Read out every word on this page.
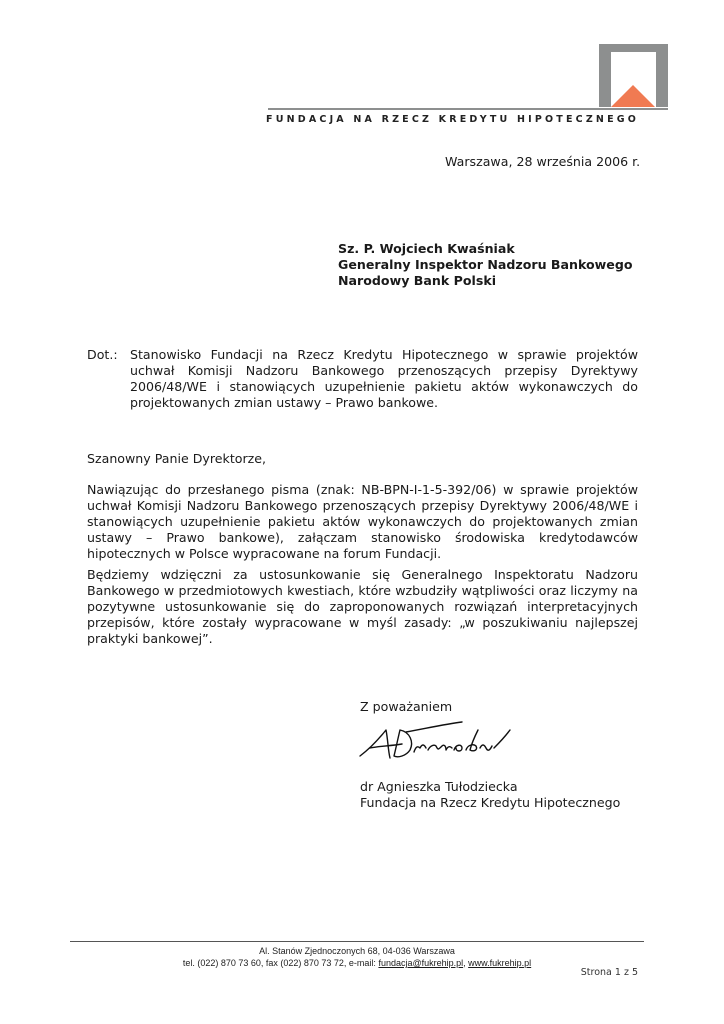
FUNDACJA NA RZECZ KREDYTU HIPOTECZNEGO
Warszawa, 28 września 2006 r.
Sz. P. Wojciech Kwaśniak
Generalny Inspektor Nadzoru Bankowego
Narodowy Bank Polski
Dot.: Stanowisko Fundacji na Rzecz Kredytu Hipotecznego w sprawie projektów uchwał Komisji Nadzoru Bankowego przenoszących przepisy Dyrektywy 2006/48/WE i stanowiących uzupełnienie pakietu aktów wykonawczych do projektowanych zmian ustawy – Prawo bankowe.
Szanowny Panie Dyrektorze,
Nawiązując do przesłanego pisma (znak: NB-BPN-I-1-5-392/06) w sprawie projektów uchwał Komisji Nadzoru Bankowego przenoszących przepisy Dyrektywy 2006/48/WE i stanowiących uzupełnienie pakietu aktów wykonawczych do projektowanych zmian ustawy – Prawo bankowe), załączam stanowisko środowiska kredytodawców hipotecznych w Polsce wypracowane na forum Fundacji.
Będziemy wdzięczni za ustosunkowanie się Generalnego Inspektoratu Nadzoru Bankowego w przedmiotowych kwestiach, które wzbudziły wątpliwości oraz liczymy na pozytywne ustosunkowanie się do zaproponowanych rozwiązań interpretacyjnych przepisów, które zostały wypracowane w myśl zasady: „w poszukiwaniu najlepszej praktyki bankowej”.
Z poważaniem
dr Agnieszka Tułodziecka
Fundacja na Rzecz Kredytu Hipotecznego
Al. Stanów Zjednoczonych 68, 04-036 Warszawa
tel. (022) 870 73 60, fax (022) 870 73 72, e-mail: fundacja@fukrehip.pl, www.fukrehip.pl
Strona 1 z 5
